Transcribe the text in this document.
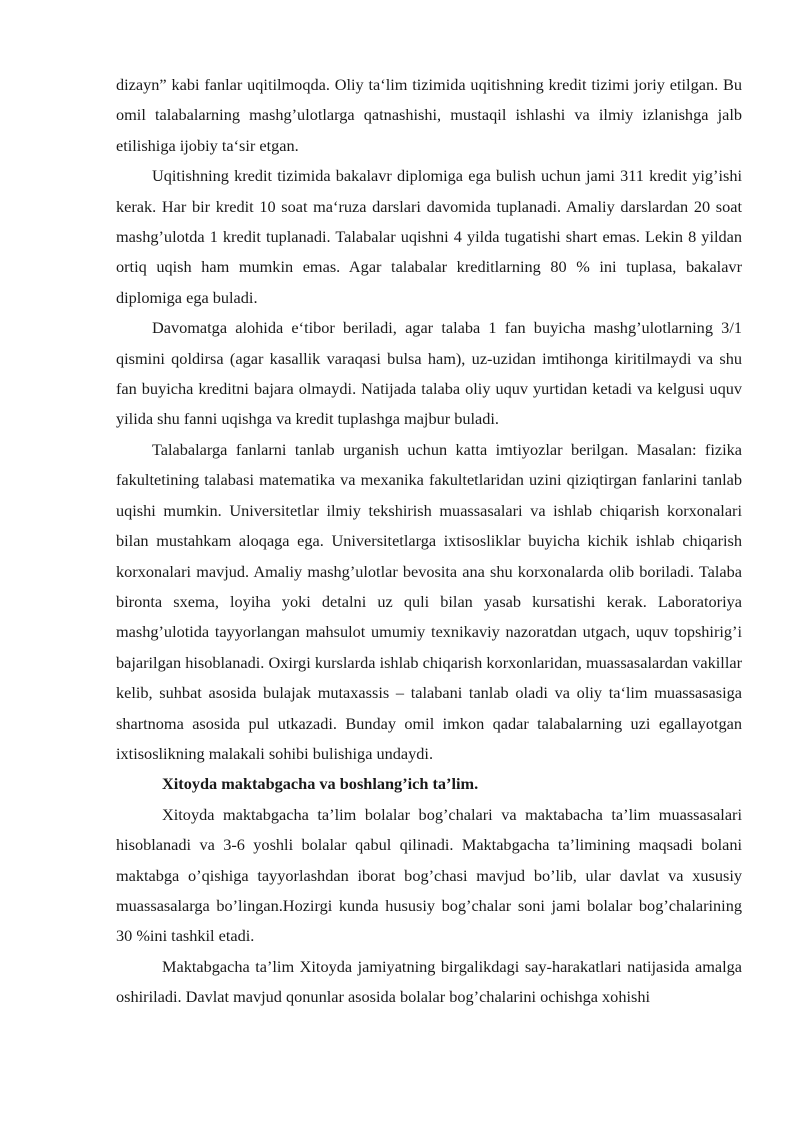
dizayn” kabi fanlar uqitilmoqda. Oliy ta‘lim tizimida uqitishning kredit tizimi joriy etilgan. Bu omil talabalarning mashg’ulotlarga qatnashishi, mustaqil ishlashi va ilmiy izlanishga jalb etilishiga ijobiy ta‘sir etgan.

Uqitishning kredit tizimida bakalavr diplomiga ega bulish uchun jami 311 kredit yig’ishi kerak. Har bir kredit 10 soat ma‘ruza darslari davomida tuplanadi. Amaliy darslardan 20 soat mashg’ulotda 1 kredit tuplanadi. Talabalar uqishni 4 yilda tugatishi shart emas. Lekin 8 yildan ortiq uqish ham mumkin emas. Agar talabalar kreditlarning 80 % ini tuplasa, bakalavr diplomiga ega buladi.

Davomatga alohida e‘tibor beriladi, agar talaba 1 fan buyicha mashg’ulotlarning 3/1 qismini qoldirsa (agar kasallik varaqasi bulsa ham), uz-uzidan imtihonga kiritilmaydi va shu fan buyicha kreditni bajara olmaydi. Natijada talaba oliy uquv yurtidan ketadi va kelgusi uquv yilida shu fanni uqishga va kredit tuplashga majbur buladi.

Talabalarga fanlarni tanlab urganish uchun katta imtiyozlar berilgan. Masalan: fizika fakultetining talabasi matematika va mexanika fakultetlaridan uzini qiziqtirgan fanlarini tanlab uqishi mumkin. Universitetlar ilmiy tekshirish muassasalari va ishlab chiqarish korxonalari bilan mustahkam aloqaga ega. Universitetlarga ixtisosliklar buyicha kichik ishlab chiqarish korxonalari mavjud. Amaliy mashg’ulotlar bevosita ana shu korxonalarda olib boriladi. Talaba bironta sxema, loyiha yoki detalni uz quli bilan yasab kursatishi kerak. Laboratoriya mashg’ulotida tayyorlangan mahsulot umumiy texnikaviy nazoratdan utgach, uquv topshirig’i bajarilgan hisoblanadi. Oxirgi kurslarda ishlab chiqarish korxonlaridan, muassasalardan vakillar kelib, suhbat asosida bulajak mutaxassis – talabani tanlab oladi va oliy ta‘lim muassasasiga shartnoma asosida pul utkazadi. Bunday omil imkon qadar talabalarning uzi egallayotgan ixtisoslikning malakali sohibi bulishiga undaydi.

Xitoyda maktabgacha va boshlang’ich ta’lim.

Xitoyda maktabgacha ta’lim bolalar bog’chalari va maktabacha ta’lim muassasalari hisoblanadi va 3-6 yoshli bolalar qabul qilinadi. Maktabgacha ta’limining maqsadi bolani maktabga o’qishiga tayyorlashdan iborat bog’chasi mavjud bo’lib, ular davlat va xususiy muassasalarga bo’lingan.Hozirgi kunda hususiy bog’chalar soni jami bolalar bog’chalarining 30 %ini tashkil etadi.

Maktabgacha ta’lim Xitoyda jamiyatning birgalikdagi say-harakatlari natijasida amalga oshiriladi. Davlat mavjud qonunlar asosida bolalar bog’chalarini ochishga xohishi
